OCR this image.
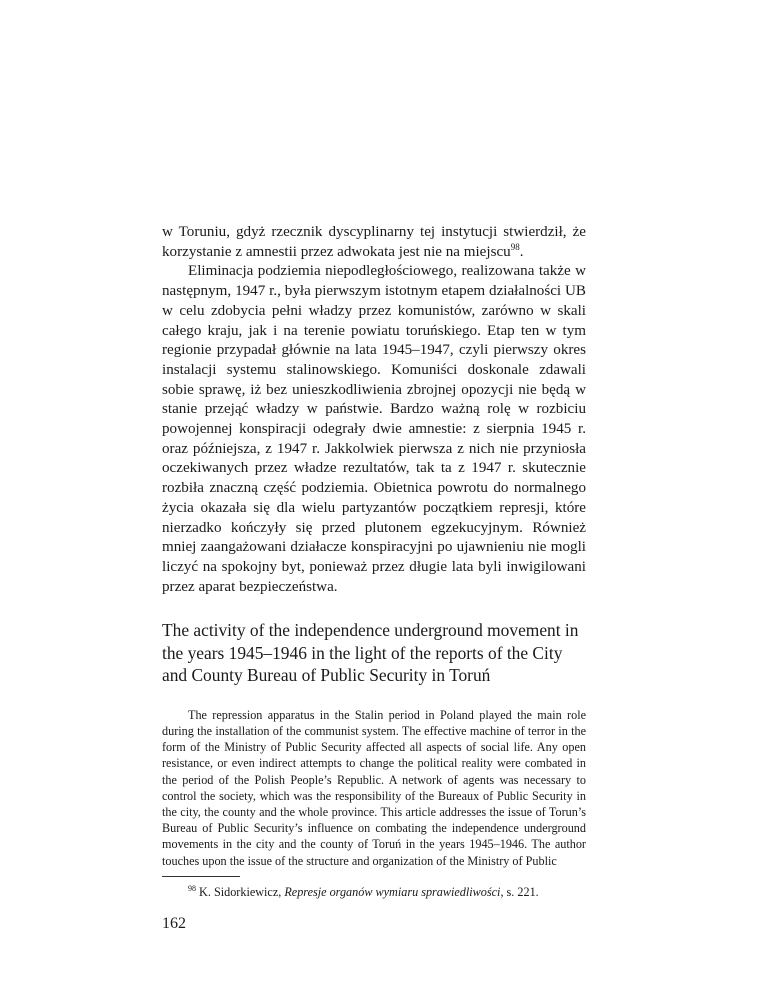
w Toruniu, gdyż rzecznik dyscyplinarny tej instytucji stwierdził, że korzystanie z amnestii przez adwokata jest nie na miejscu$^{98}$.

Eliminacja podziemia niepodległościowego, realizowana także w następnym, 1947 r., była pierwszym istotnym etapem działalności UB w celu zdobycia pełni władzy przez komunistów, zarówno w skali całego kraju, jak i na terenie powiatu toruńskiego. Etap ten w tym regionie przypadał głównie na lata 1945–1947, czyli pierwszy okres instalacji systemu stalinowskiego. Komuniści doskonale zdawali sobie sprawę, iż bez unieszkodliwienia zbrojnej opozycji nie będą w stanie przejąć władzy w państwie. Bardzo ważną rolę w rozbiciu powojennej konspiracji odegrały dwie amnestie: z sierpnia 1945 r. oraz późniejsza, z 1947 r. Jakkolwiek pierwsza z nich nie przyniosła oczekiwanych przez władze rezultatów, tak ta z 1947 r. skutecznie rozbiła znaczną część podziemia. Obietnica powrotu do normalnego życia okazała się dla wielu partyzantów początkiem represji, które nierzadko kończyły się przed plutonem egzekucyjnym. Również mniej zaangażowani działacze konspiracyjni po ujawnieniu nie mogli liczyć na spokojny byt, ponieważ przez długie lata byli inwigilowani przez aparat bezpieczeństwa.

The activity of the independence underground movement in the years 1945–1946 in the light of the reports of the City and County Bureau of Public Security in Toruń

The repression apparatus in the Stalin period in Poland played the main role during the installation of the communist system. The effective machine of terror in the form of the Ministry of Public Security affected all aspects of social life. Any open resistance, or even indirect attempts to change the political reality were combated in the period of the Polish People’s Republic. A network of agents was necessary to control the society, which was the responsibility of the Bureaux of Public Security in the city, the county and the whole province. This article addresses the issue of Torun’s Bureau of Public Security’s influence on combating the independence underground movements in the city and the county of Toruń in the years 1945–1946. The author touches upon the issue of the structure and organization of the Ministry of Public

$^{98}$ K. Sidorkiewicz, Represje organów wymiaru sprawiedliwości, s. 221.

162
